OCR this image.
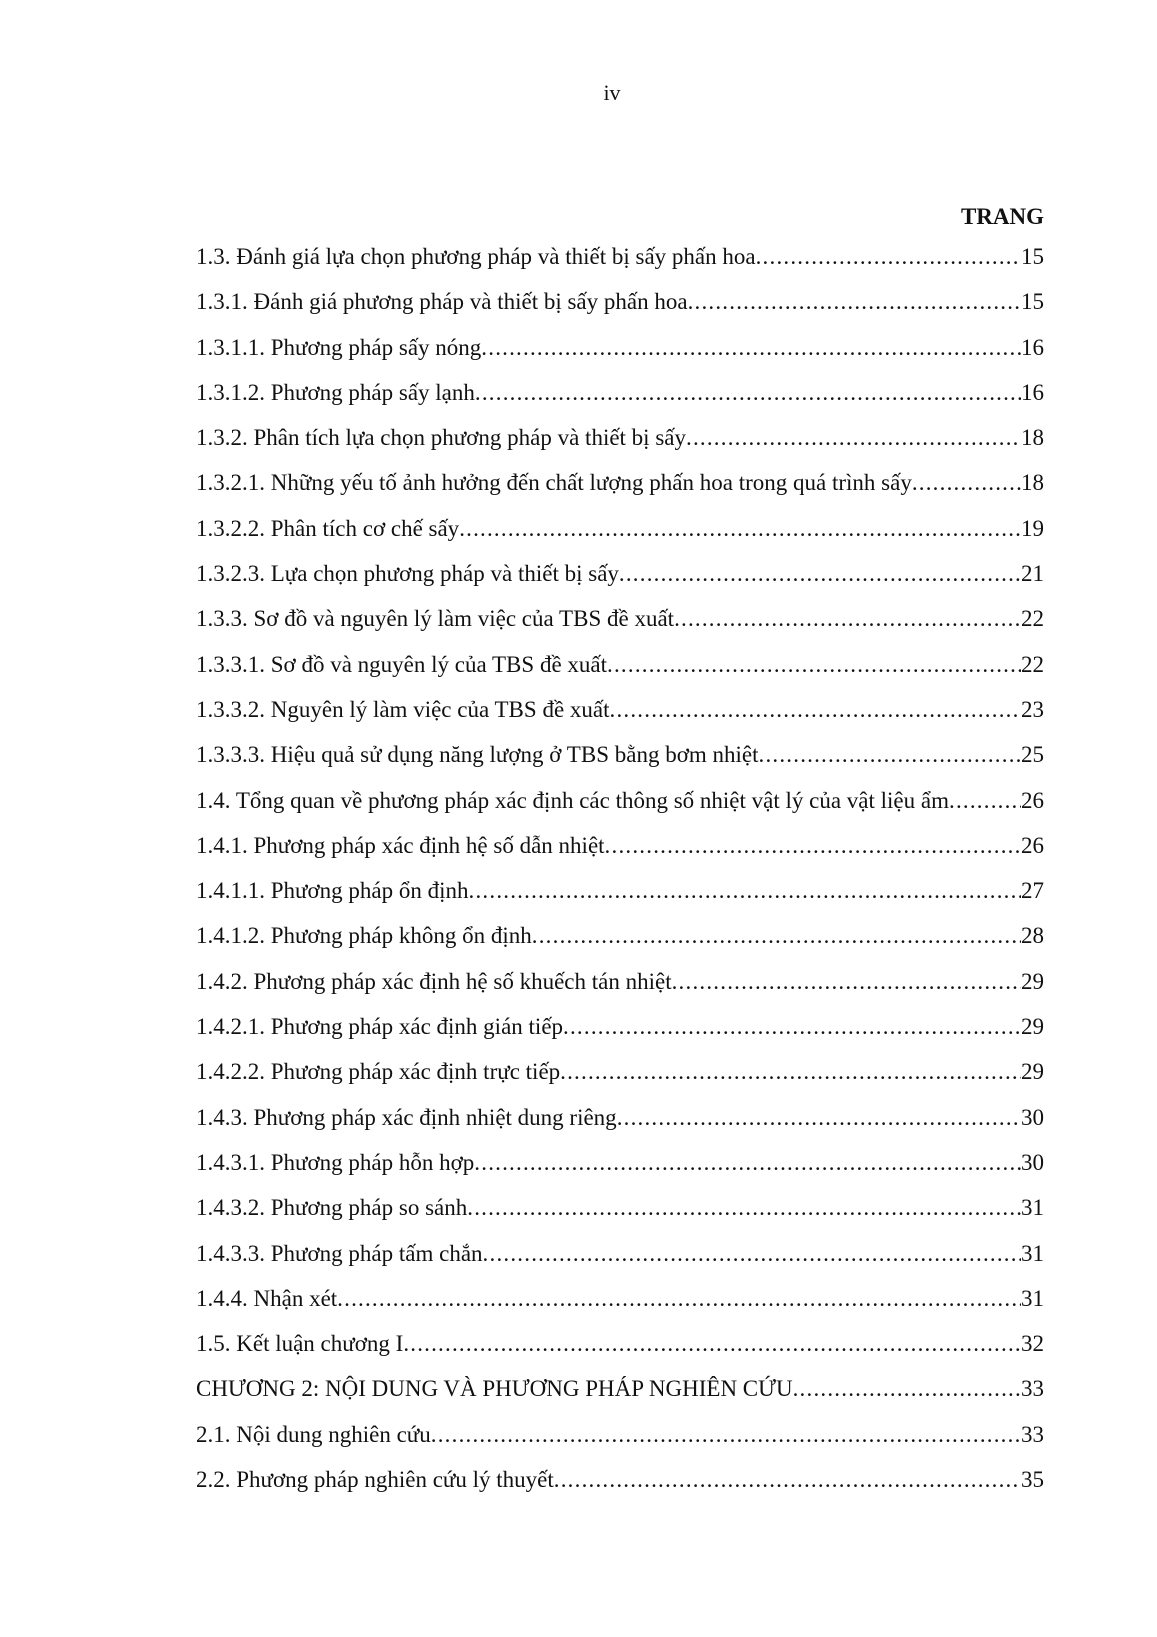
iv
TRANG
1.3. Đánh giá lựa chọn phương pháp và thiết bị sấy phấn hoa .....	15
1.3.1. Đánh giá phương pháp và thiết bị sấy phấn hoa .....	15
1.3.1.1. Phương pháp sấy nóng .....	16
1.3.1.2. Phương pháp sấy lạnh .....	16
1.3.2. Phân tích lựa chọn phương pháp và thiết bị sấy .....	18
1.3.2.1. Những yếu tố ảnh hưởng đến chất lượng phấn hoa trong quá trình sấy .....	18
1.3.2.2. Phân tích cơ chế sấy .....	19
1.3.2.3. Lựa chọn phương pháp và thiết bị sấy .....	21
1.3.3. Sơ đồ và nguyên lý làm việc của TBS đề xuất .....	22
1.3.3.1. Sơ đồ và nguyên lý của TBS đề xuất .....	22
1.3.3.2. Nguyên lý làm việc của TBS đề xuất .....	23
1.3.3.3. Hiệu quả sử dụng năng lượng ở TBS bằng bơm nhiệt .....	25
1.4. Tổng quan về phương pháp xác định các thông số nhiệt vật lý của vật liệu ẩm .....	26
1.4.1. Phương pháp xác định hệ số dẫn nhiệt .....	26
1.4.1.1. Phương pháp ổn định .....	27
1.4.1.2. Phương pháp không ổn định .....	28
1.4.2. Phương pháp xác định hệ số khuếch tán nhiệt .....	29
1.4.2.1. Phương pháp xác định gián tiếp .....	29
1.4.2.2. Phương pháp xác định trực tiếp .....	29
1.4.3. Phương pháp xác định nhiệt dung riêng .....	30
1.4.3.1. Phương pháp hỗn hợp .....	30
1.4.3.2. Phương pháp so sánh .....	31
1.4.3.3. Phương pháp tấm chắn .....	31
1.4.4. Nhận xét .....	31
1.5. Kết luận chương I .....	32
CHƯƠNG 2: NỘI DUNG VÀ PHƯƠNG PHÁP NGHIÊN CỨU .....	33
2.1. Nội dung nghiên cứu .....	33
2.2. Phương pháp nghiên cứu lý thuyết .....	35
